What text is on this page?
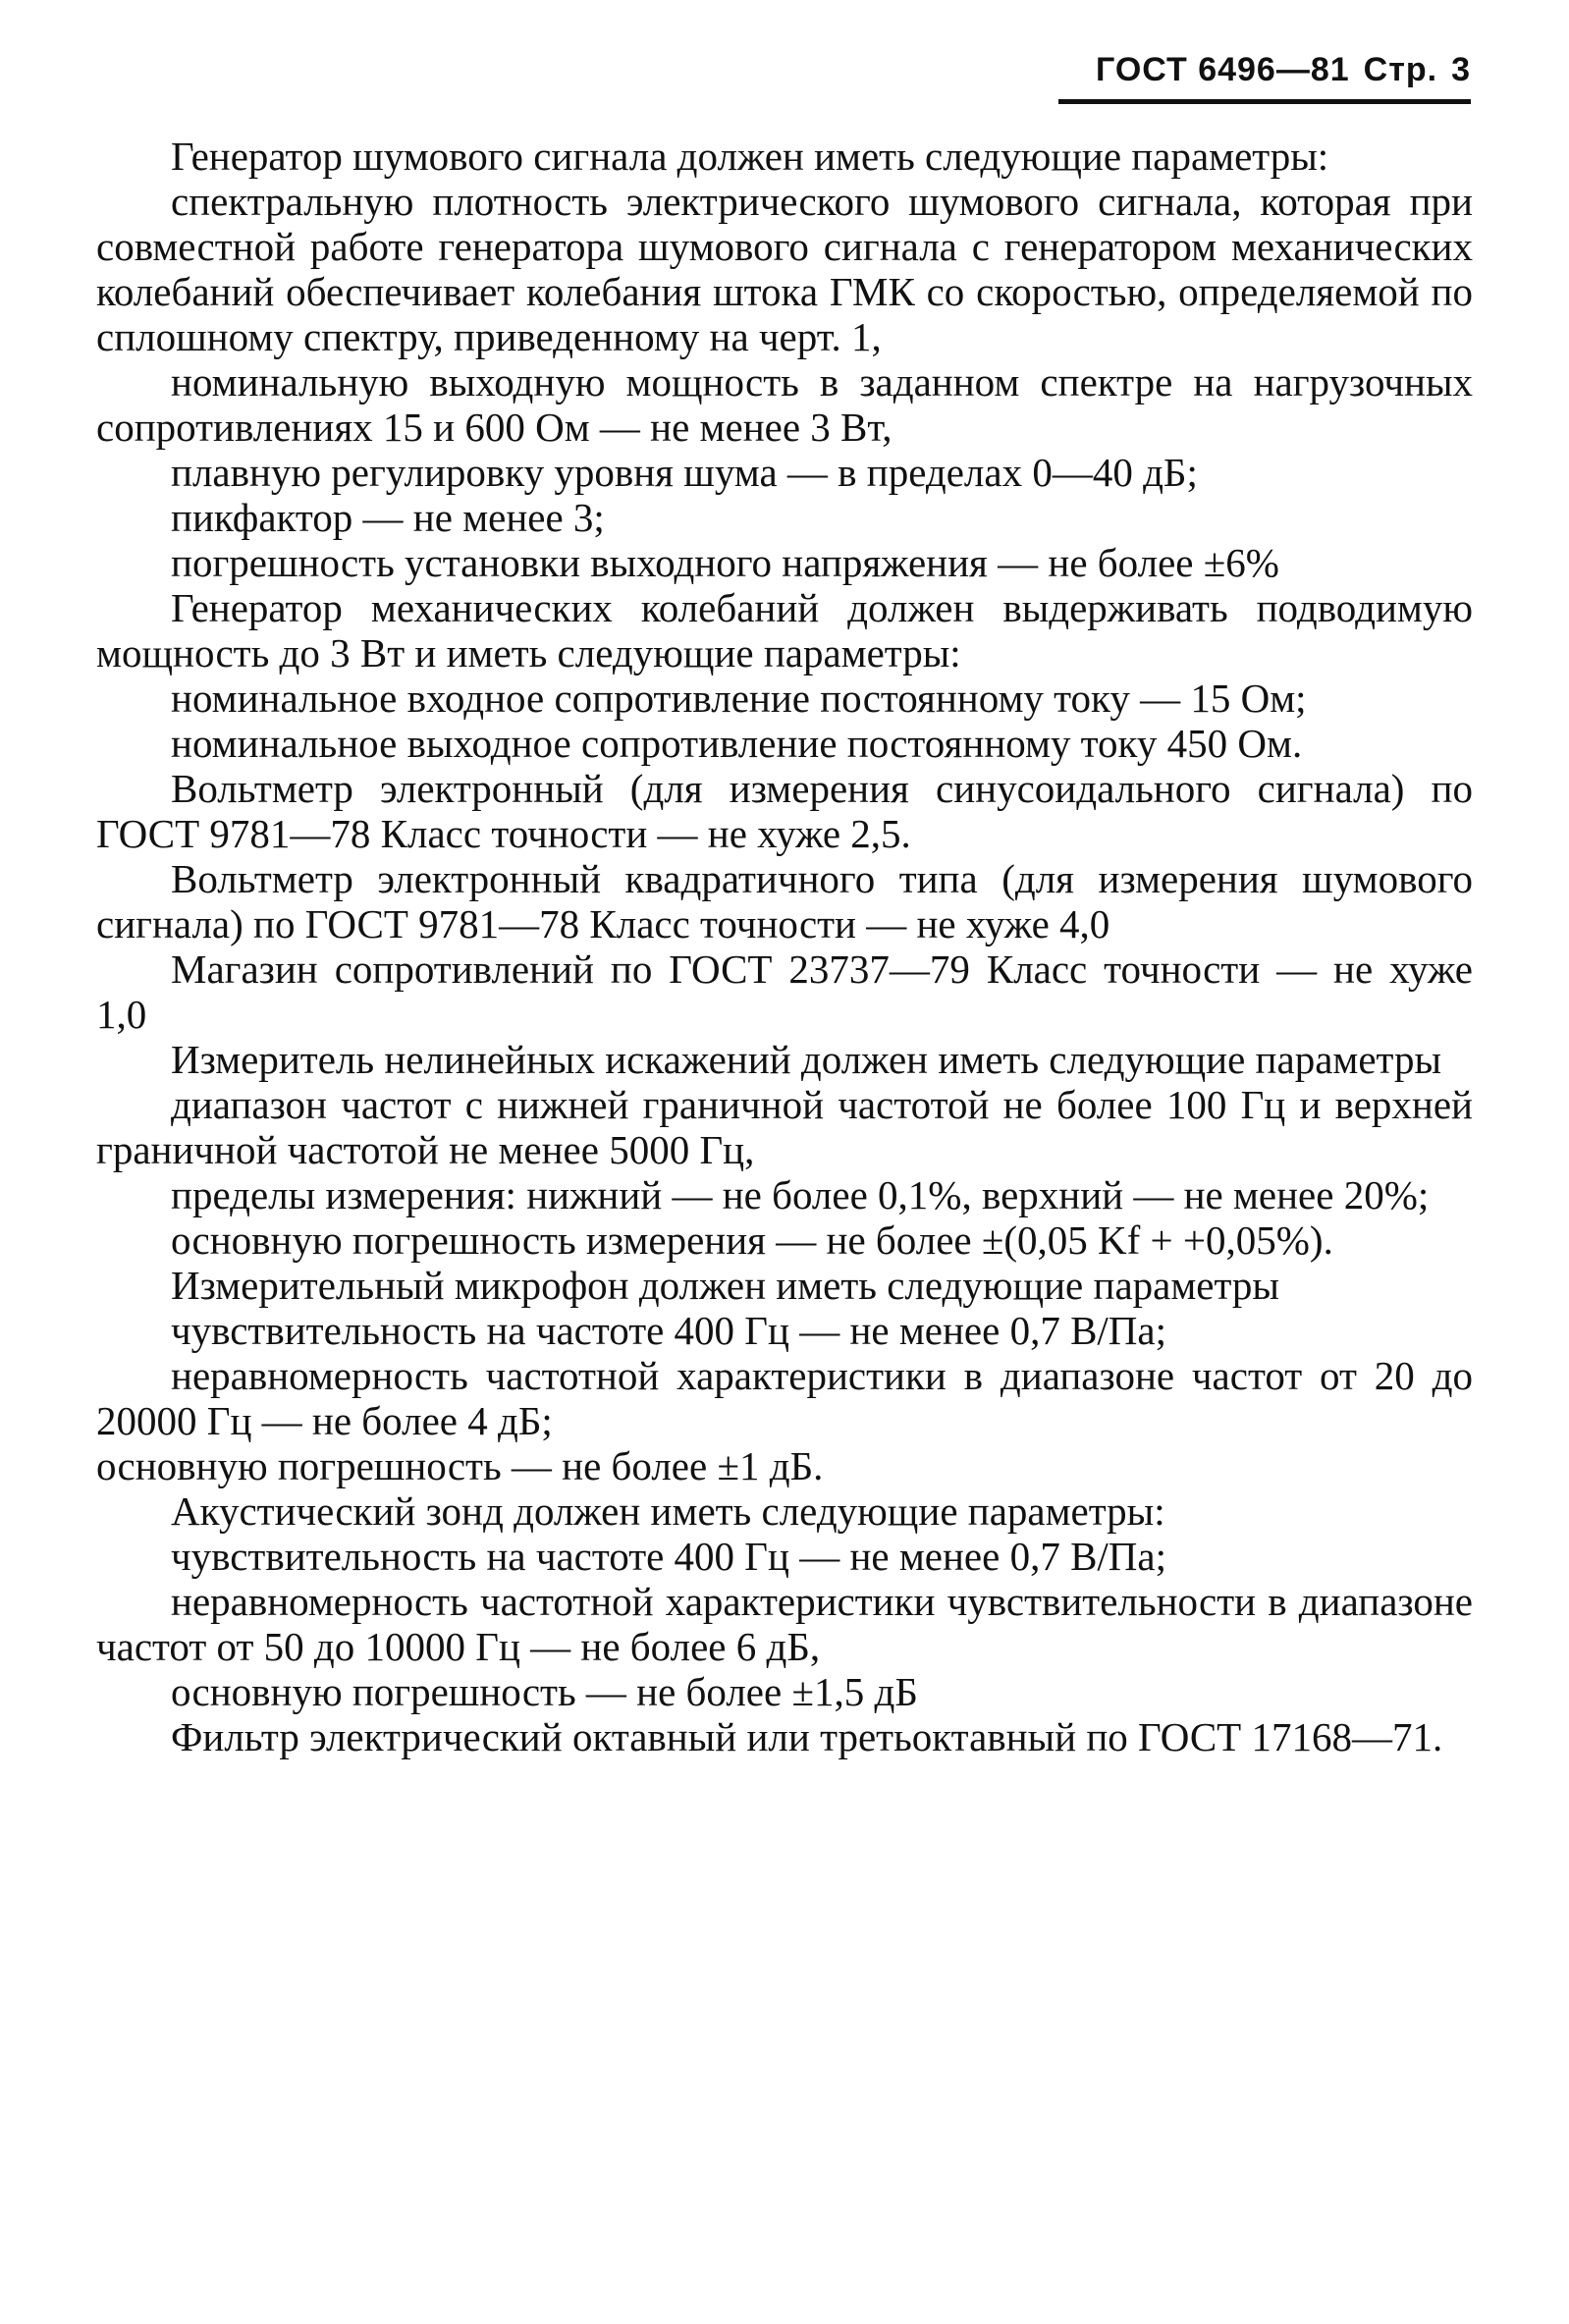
ГОСТ 6496—81 Стр. 3

Генератор шумового сигнала должен иметь следующие параметры:

спектральную плотность электрического шумового сигнала, которая при совместной работе генератора шумового сигнала с генератором механических колебаний обеспечивает колебания штока ГМК со скоростью, определяемой по сплошному спектру, приведенному на черт. 1,

номинальную выходную мощность в заданном спектре на нагрузочных сопротивлениях 15 и 600 Ом — не менее 3 Вт,

плавную регулировку уровня шума — в пределах 0—40 дБ;

пикфактор — не менее 3;

погрешность установки выходного напряжения — не более ±6%

Генератор механических колебаний должен выдерживать подводимую мощность до 3 Вт и иметь следующие параметры:

номинальное входное сопротивление постоянному току — 15 Ом;

номинальное выходное сопротивление постоянному току 450 Ом.

Вольтметр электронный (для измерения синусоидального сигнала) по ГОСТ 9781—78 Класс точности — не хуже 2,5.

Вольтметр электронный квадратичного типа (для измерения шумового сигнала) по ГОСТ 9781—78 Класс точности — не хуже 4,0

Магазин сопротивлений по ГОСТ 23737—79 Класс точности — не хуже 1,0

Измеритель нелинейных искажений должен иметь следующие параметры

диапазон частот с нижней граничной частотой не более 100 Гц и верхней граничной частотой не менее 5000 Гц,

пределы измерения: нижний — не более 0,1%, верхний — не менее 20%;

основную погрешность измерения — не более ±(0,05 Kf + +0,05%).

Измерительный микрофон должен иметь следующие параметры

чувствительность на частоте 400 Гц — не менее 0,7 В/Па;

неравномерность частотной характеристики в диапазоне частот от 20 до 20000 Гц — не более 4 дБ;

основную погрешность — не более ±1 дБ.

Акустический зонд должен иметь следующие параметры:

чувствительность на частоте 400 Гц — не менее 0,7 В/Па;

неравномерность частотной характеристики чувствительности в диапазоне частот от 50 до 10000 Гц — не более 6 дБ,

основную погрешность — не более ±1,5 дБ

Фильтр электрический октавный или третьоктавный по ГОСТ 17168—71.
